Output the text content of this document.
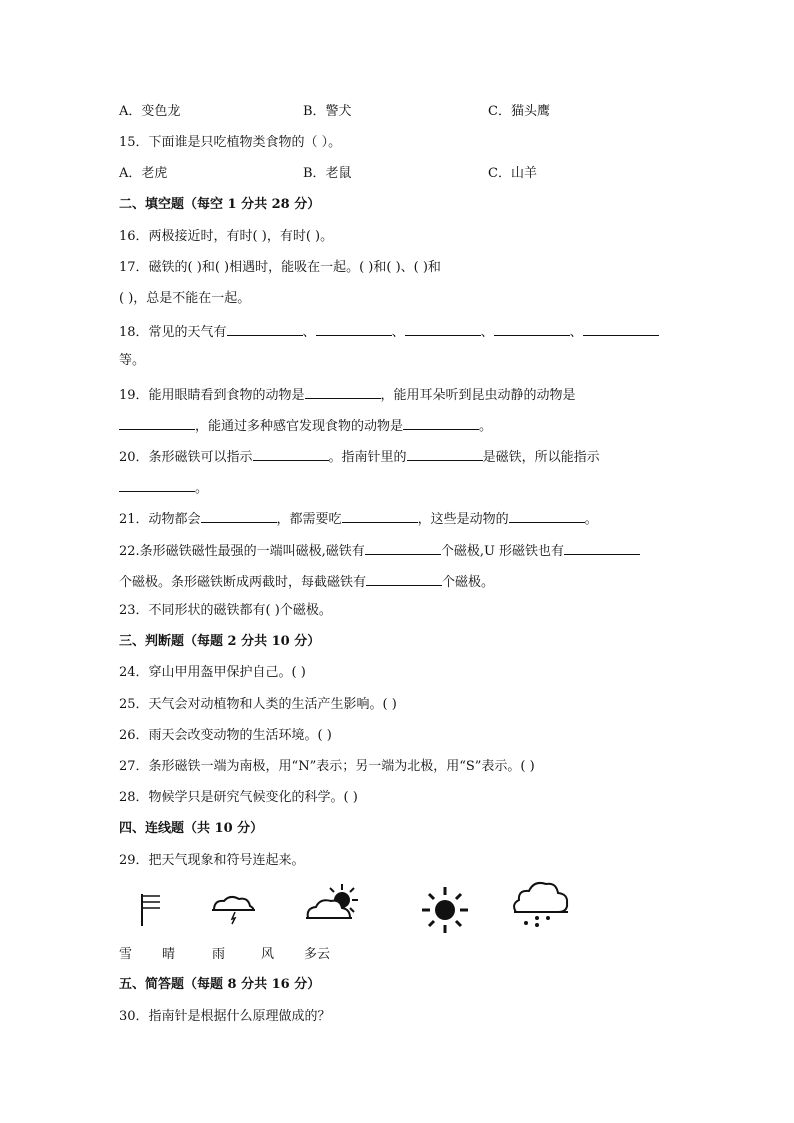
A．变色龙	B．警犬	C．猫头鹰
15．下面谁是只吃植物类食物的（ ）。
A．老虎	B．老鼠	C．山羊
二、填空题（每空 1 分共 28 分）
16．两极接近时，有时( )，有时( )。
17．磁铁的( )和( )相遇时，能吸在一起。( )和( )、( )和
( )，总是不能在一起。
18．常见的天气有	、	、	、	、
等。
19．能用眼睛看到食物的动物是	，能用耳朵听到昆虫动静的动物是
，能通过多种感官发现食物的动物是	。
20．条形磁铁可以指示	。指南针里的	是磁铁，所以能指示
。
21．动物都会	，都需要吃	，这些是动物的	。
22.条形磁铁磁性最强的一端叫磁极,磁铁有	个磁极,U 形磁铁也有
个磁极。条形磁铁断成两截时，每截磁铁有	个磁极。
23．不同形状的磁铁都有( )个磁极。
三、判断题（每题 2 分共 10 分）
24．穿山甲用盔甲保护自己。( )
25．天气会对动植物和人类的生活产生影响。( )
26．雨天会改变动物的生活环境。( )
27．条形磁铁一端为南极，用“N”表示；另一端为北极，用“S”表示。( )
28．物候学只是研究气候变化的科学。( )
四、连线题（共 10 分）
29．把天气现象和符号连起来。
雪 晴	雨	风 多云
五、简答题（每题 8 分共 16 分）
30．指南针是根据什么原理做成的？
